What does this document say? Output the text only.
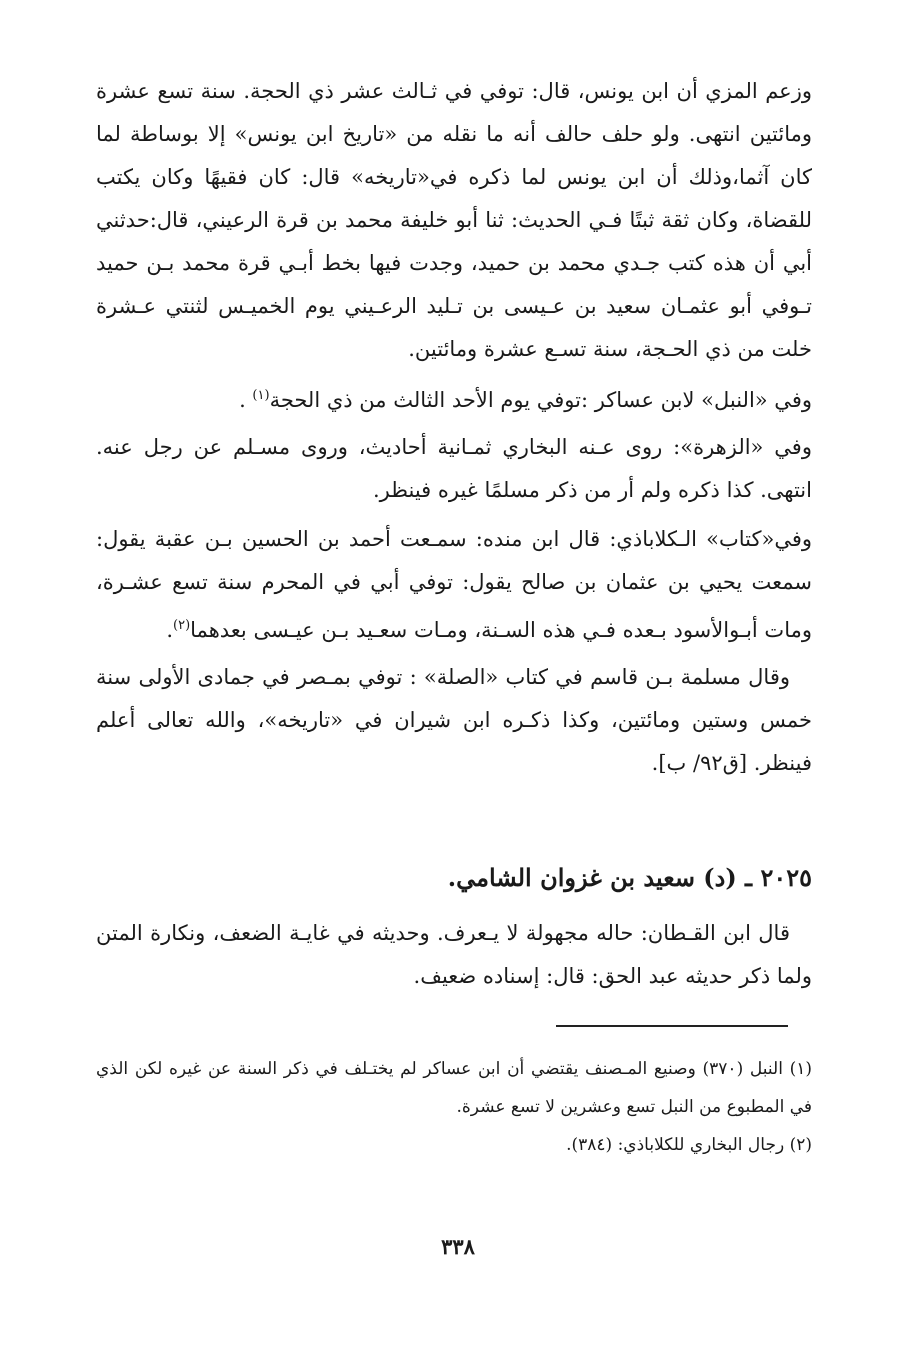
وزعم المزي أن ابن يونس، قال: توفي في ثـالث عشر ذي الحجة. سنة تسع عشرة ومائتين انتهى. ولو حلف حالف أنه ما نقله من «تاريخ ابن يونس» إلا بوساطة لما كان آثما،وذلك أن ابن يونس لما ذكره في«تاريخه» قال: كان فقيهًا وكان يكتب للقضاة، وكان ثقة ثبتًا فـي الحديث: ثنا أبو خليفة محمد بن قرة الرعيني، قال:حدثني أبي أن هذه كتب جـدي محمد بن حميد، وجدت فيها بخط أبـي قرة محمد بـن حميد تـوفي أبو عثمـان سعيد بن عـيسى بن تـليد الرعـيني يوم الخميـس لثنتي عـشرة خلت من ذي الحـجة، سنة تسـع عشرة ومائتين.

وفي «النبل» لابن عساكر :توفي يوم الأحد الثالث من ذي الحجة$^{(١)}$ .

وفي «الزهرة»: روى عـنه البخاري ثمـانية أحاديث، وروى مسـلم عن رجل عنه. انتهى. كذا ذكره ولم أر من ذكر مسلمًا غيره فينظر.

وفي«كتاب» الـكلاباذي: قال ابن منده: سمـعت أحمد بن الحسين بـن عقبة يقول: سمعت يحيي بن عثمان بن صالح يقول: توفي أبي في المحرم سنة تسع عشـرة، ومات أبـوالأسود بـعده فـي هذه السـنة، ومـات سعـيد بـن عيـسى بعدهما$^{(٢)}$.

وقال مسلمة بـن قاسم في كتاب «الصلة» : توفي بمـصر في جمادى الأولى سنة خمس وستين ومائتين، وكذا ذكـره ابن شيران في «تاريخه»، والله تعالى أعلم فينظر. [ق٩٢/ ب].

٢٠٢٥ ـ (د) سعيد بن غزوان الشامي.
قال ابن القـطان: حاله مجهولة لا يـعرف. وحديثه في غايـة الضعف، ونكارة المتن ولما ذكر حديثه عبد الحق: قال: إسناده ضعيف.

(١) النبل (٣٧٠) وصنيع المـصنف يقتضي أن ابن عساكر لم يختـلف في ذكر السنة عن غيره لكن الذي في المطبوع من النبل تسع وعشرين لا تسع عشرة.

(٢) رجال البخاري للكلاباذي: (٣٨٤).

٣٣٨
